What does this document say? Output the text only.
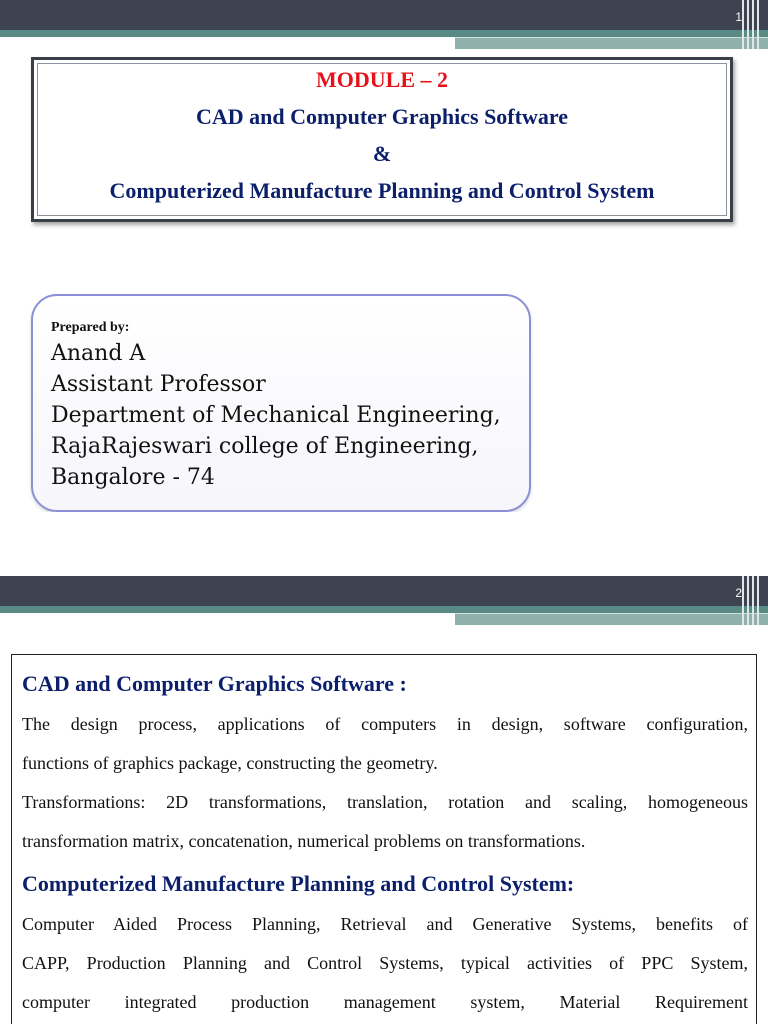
1
MODULE – 2
CAD and Computer Graphics Software
&
Computerized Manufacture Planning and Control System
Prepared by:
Anand A
Assistant Professor
Department of Mechanical Engineering,
RajaRajeswari college of Engineering,
Bangalore - 74
2
CAD and Computer Graphics Software :
The design process, applications of computers in design, software configuration,
functions of graphics package, constructing the geometry.
Transformations: 2D transformations, translation, rotation and scaling, homogeneous
transformation matrix, concatenation, numerical problems on transformations.
Computerized Manufacture Planning and Control System:
Computer Aided Process Planning, Retrieval and Generative Systems, benefits of
CAPP, Production Planning and Control Systems, typical activities of PPC System,
computer integrated production management system, Material Requirement
